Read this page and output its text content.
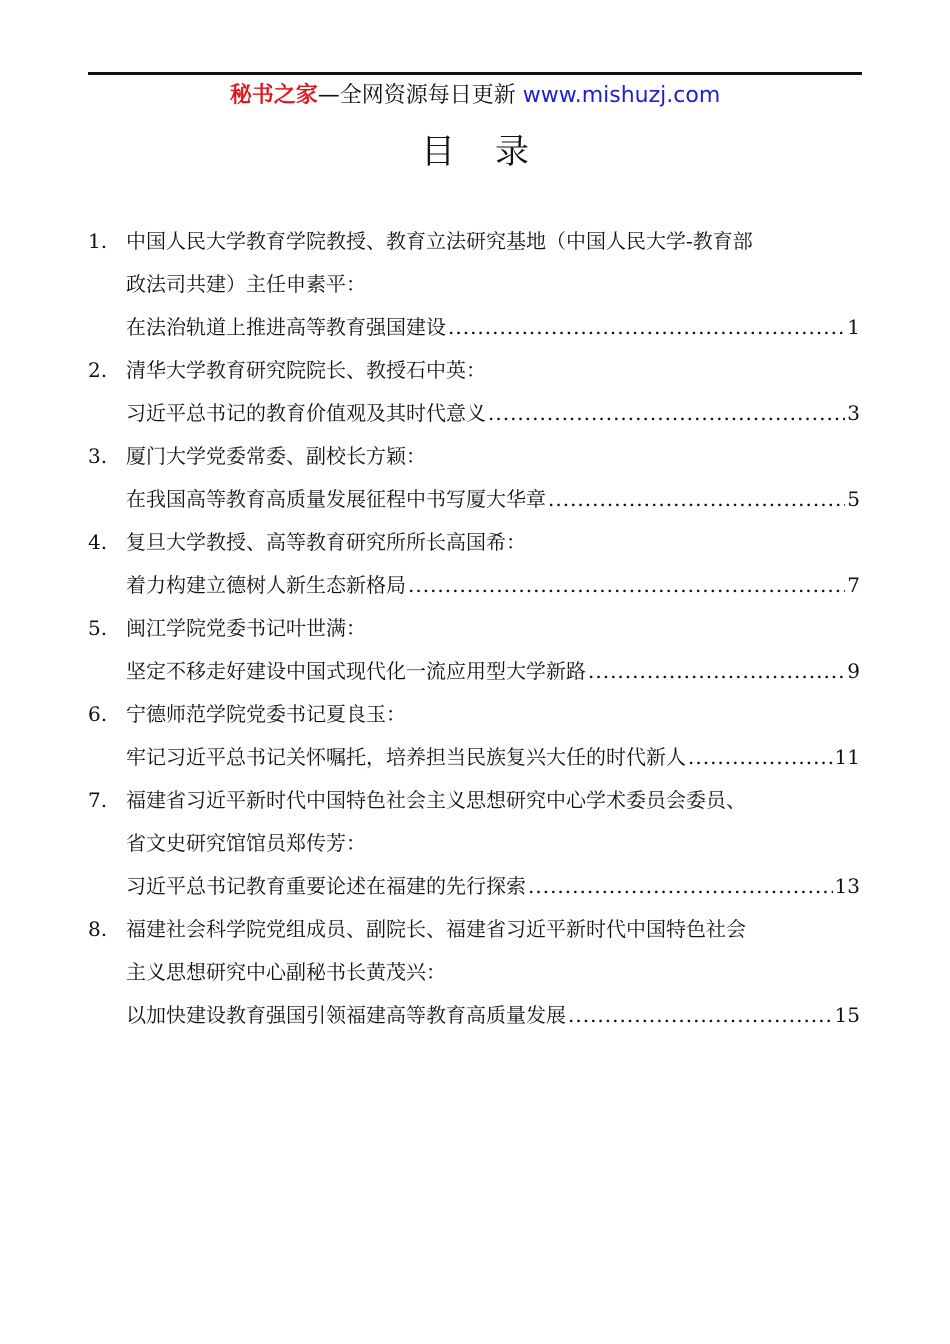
秘书之家—全网资源每日更新 www.mishuzj.com
目录
1. 中国人民大学教育学院教授、教育立法研究基地（中国人民大学-教育部
政法司共建）主任申素平：
在法治轨道上推进高等教育强国建设 .....	1
2. 清华大学教育研究院院长、教授石中英：
习近平总书记的教育价值观及其时代意义 .....	3
3. 厦门大学党委常委、副校长方颖：
在我国高等教育高质量发展征程中书写厦大华章 .....	5
4. 复旦大学教授、高等教育研究所所长高国希：
着力构建立德树人新生态新格局 .....	7
5. 闽江学院党委书记叶世满：
坚定不移走好建设中国式现代化一流应用型大学新路 .....	9
6. 宁德师范学院党委书记夏良玉：
牢记习近平总书记关怀嘱托，培养担当民族复兴大任的时代新人 .....	11
7. 福建省习近平新时代中国特色社会主义思想研究中心学术委员会委员、
省文史研究馆馆员郑传芳：
习近平总书记教育重要论述在福建的先行探索 .....	13
8. 福建社会科学院党组成员、副院长、福建省习近平新时代中国特色社会
主义思想研究中心副秘书长黄茂兴：
以加快建设教育强国引领福建高等教育高质量发展 .....	15
